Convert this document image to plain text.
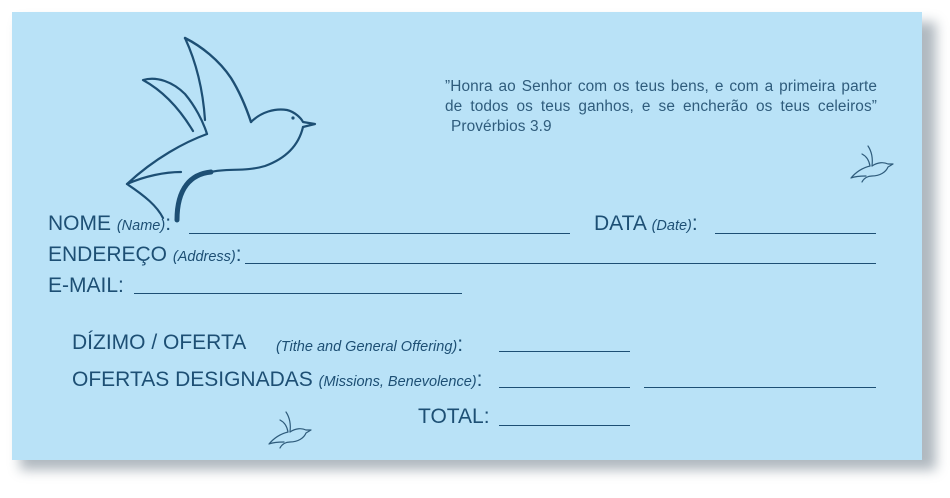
”Honra ao Senhor com os teus bens, e com a primeira parte de todos os teus ganhos, e se encherão os teus celeiros” Provérbios 3.9
NOME (Name):	DATA (Date):
ENDEREÇO (Address):
E-MAIL:
DÍZIMO / OFERTA (Tithe and General Offering):
OFERTAS DESIGNADAS (Missions, Benevolence):
TOTAL:
